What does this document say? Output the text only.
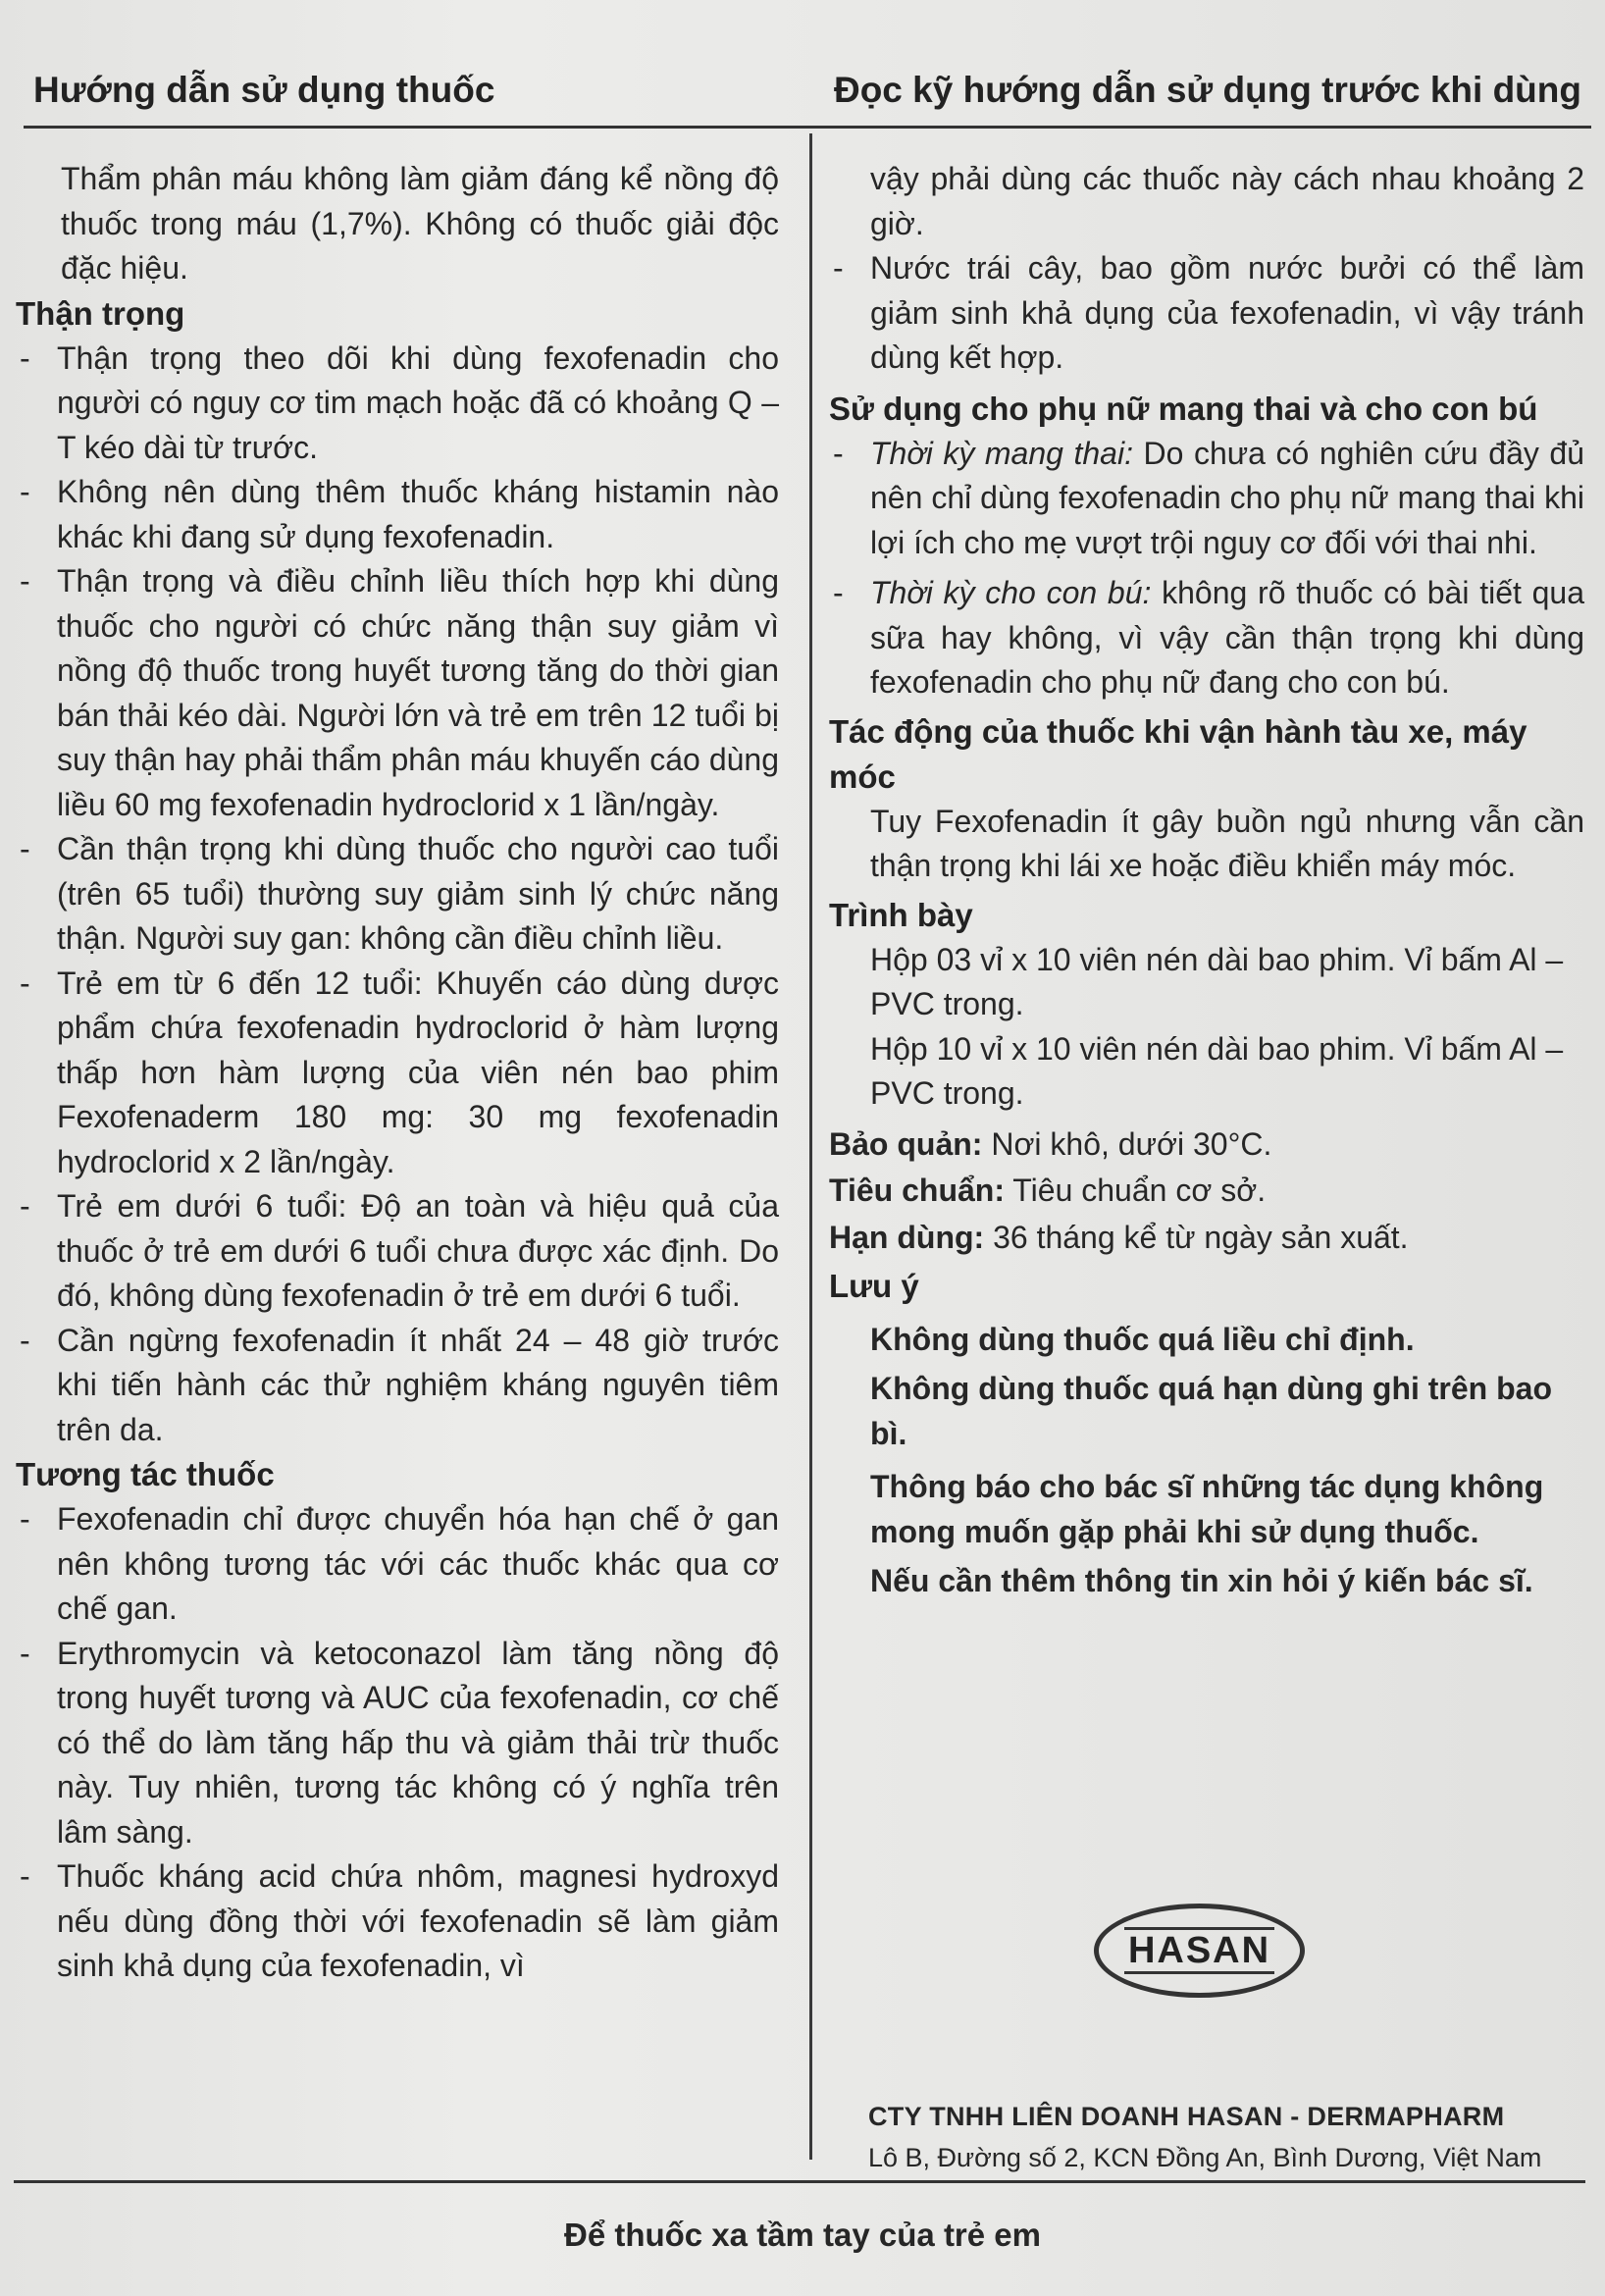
Hướng dẫn sử dụng thuốc	Đọc kỹ hướng dẫn sử dụng trước khi dùng

Thẩm phân máu không làm giảm đáng kể nồng độ thuốc trong máu (1,7%). Không có thuốc giải độc đặc hiệu.

Thận trọng
- Thận trọng theo dõi khi dùng fexofenadin cho người có nguy cơ tim mạch hoặc đã có khoảng Q – T kéo dài từ trước.
- Không nên dùng thêm thuốc kháng histamin nào khác khi đang sử dụng fexofenadin.
- Thận trọng và điều chỉnh liều thích hợp khi dùng thuốc cho người có chức năng thận suy giảm vì nồng độ thuốc trong huyết tương tăng do thời gian bán thải kéo dài. Người lớn và trẻ em trên 12 tuổi bị suy thận hay phải thẩm phân máu khuyến cáo dùng liều 60 mg fexofenadin hydroclorid x 1 lần/ngày.
- Cần thận trọng khi dùng thuốc cho người cao tuổi (trên 65 tuổi) thường suy giảm sinh lý chức năng thận. Người suy gan: không cần điều chỉnh liều.
- Trẻ em từ 6 đến 12 tuổi: Khuyến cáo dùng dược phẩm chứa fexofenadin hydroclorid ở hàm lượng thấp hơn hàm lượng của viên nén bao phim Fexofenaderm 180 mg: 30 mg fexofenadin hydroclorid x 2 lần/ngày.
- Trẻ em dưới 6 tuổi: Độ an toàn và hiệu quả của thuốc ở trẻ em dưới 6 tuổi chưa được xác định. Do đó, không dùng fexofenadin ở trẻ em dưới 6 tuổi.
- Cần ngừng fexofenadin ít nhất 24 – 48 giờ trước khi tiến hành các thử nghiệm kháng nguyên tiêm trên da.
Tương tác thuốc
- Fexofenadin chỉ được chuyển hóa hạn chế ở gan nên không tương tác với các thuốc khác qua cơ chế gan.
- Erythromycin và ketoconazol làm tăng nồng độ trong huyết tương và AUC của fexofenadin, cơ chế có thể do làm tăng hấp thu và giảm thải trừ thuốc này. Tuy nhiên, tương tác không có ý nghĩa trên lâm sàng.
- Thuốc kháng acid chứa nhôm, magnesi hydroxyd nếu dùng đồng thời với fexofenadin sẽ làm giảm sinh khả dụng của fexofenadin, vì

vậy phải dùng các thuốc này cách nhau khoảng 2 giờ.

- Nước trái cây, bao gồm nước bưởi có thể làm giảm sinh khả dụng của fexofenadin, vì vậy tránh dùng kết hợp.
Sử dụng cho phụ nữ mang thai và cho con bú
- Thời kỳ mang thai: Do chưa có nghiên cứu đầy đủ nên chỉ dùng fexofenadin cho phụ nữ mang thai khi lợi ích cho mẹ vượt trội nguy cơ đối với thai nhi.
- Thời kỳ cho con bú: không rõ thuốc có bài tiết qua sữa hay không, vì vậy cần thận trọng khi dùng fexofenadin cho phụ nữ đang cho con bú.
Tác động của thuốc khi vận hành tàu xe, máy móc

Tuy Fexofenadin ít gây buồn ngủ nhưng vẫn cần thận trọng khi lái xe hoặc điều khiển máy móc.

Trình bày

Hộp 03 vỉ x 10 viên nén dài bao phim. Vỉ bấm Al – PVC trong.

Hộp 10 vỉ x 10 viên nén dài bao phim. Vỉ bấm Al – PVC trong.

Bảo quản: Nơi khô, dưới 30°C.

Tiêu chuẩn: Tiêu chuẩn cơ sở.

Hạn dùng: 36 tháng kể từ ngày sản xuất.

Lưu ý

Không dùng thuốc quá liều chỉ định.

Không dùng thuốc quá hạn dùng ghi trên bao bì.

Thông báo cho bác sĩ những tác dụng không mong muốn gặp phải khi sử dụng thuốc.

Nếu cần thêm thông tin xin hỏi ý kiến bác sĩ.

HASAN

CTY TNHH LIÊN DOANH HASAN - DERMAPHARM

Lô B, Đường số 2, KCN Đồng An, Bình Dương, Việt Nam

Để thuốc xa tầm tay của trẻ em
